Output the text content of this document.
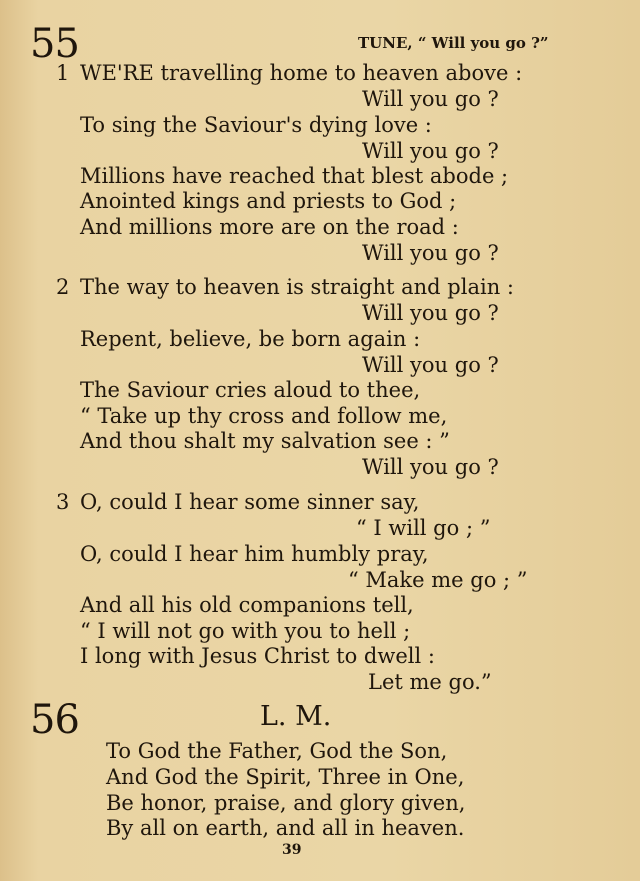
55	TUNE, “ Will you go ?”
1 WE'RE travelling home to heaven above :
Will you go ?
To sing the Saviour's dying love :
Will you go ?
Millions have reached that blest abode ;
Anointed kings and priests to God ;
And millions more are on the road :
Will you go ?
2 The way to heaven is straight and plain :
Will you go ?
Repent, believe, be born again :
Will you go ?
The Saviour cries aloud to thee,
“ Take up thy cross and follow me,
And thou shalt my salvation see : ”
Will you go ?
3 O, could I hear some sinner say,
“ I will go ; ”
O, could I hear him humbly pray,
“ Make me go ; ”
And all his old companions tell,
“ I will not go with you to hell ;
I long with Jesus Christ to dwell :
Let me go.”
56	L. M.
To God the Father, God the Son,
And God the Spirit, Three in One,
Be honor, praise, and glory given,
By all on earth, and all in heaven.
39
